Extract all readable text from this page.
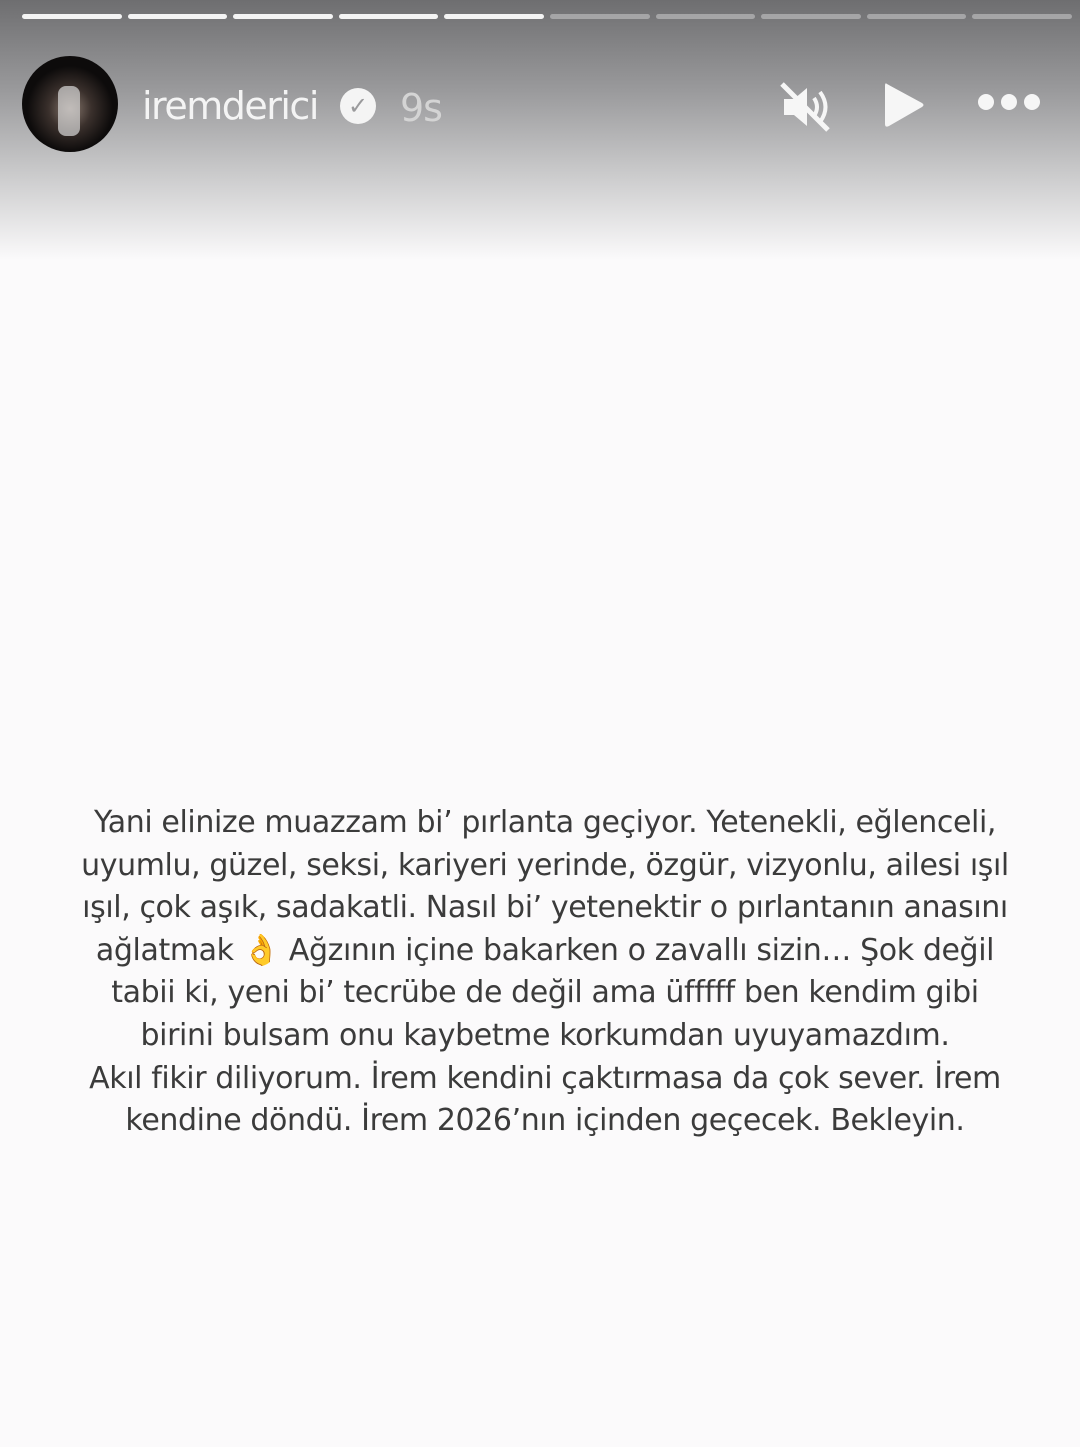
iremderici	✓ 9s
Yani elinize muazzam bi’ pırlanta geçiyor. Yetenekli, eğlenceli,
uyumlu, güzel, seksi, kariyeri yerinde, özgür, vizyonlu, ailesi ışıl
ışıl, çok aşık, sadakatli. Nasıl bi’ yetenektir o pırlantanın anasını
ağlatmak 👌 Ağzının içine bakarken o zavallı sizin… Şok değil
tabii ki, yeni bi’ tecrübe de değil ama üfffff ben kendim gibi
birini bulsam onu kaybetme korkumdan uyuyamazdım.
Akıl fikir diliyorum. İrem kendini çaktırmasa da çok sever. İrem
kendine döndü. İrem 2026’nın içinden geçecek. Bekleyin.
